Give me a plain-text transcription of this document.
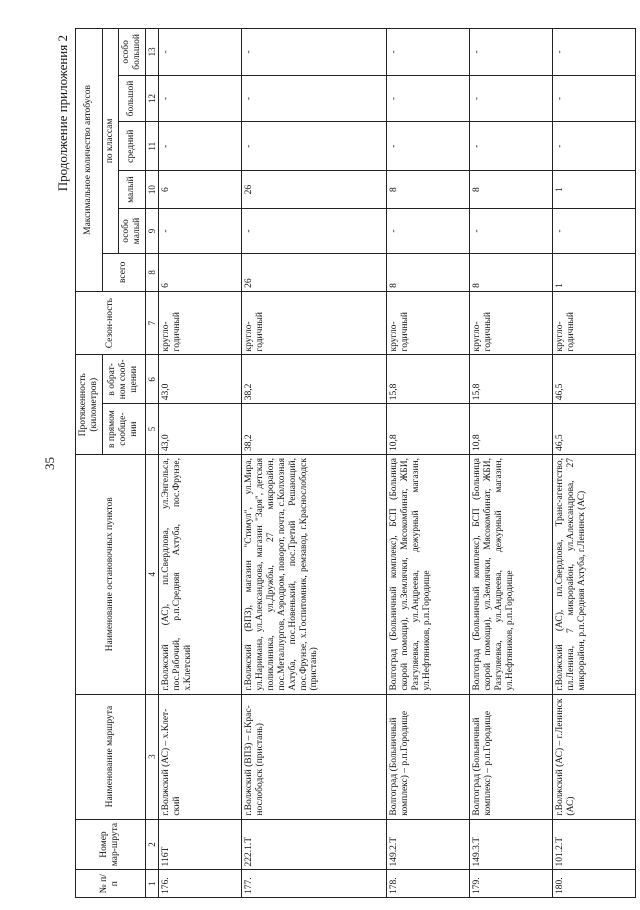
35
Продолжение приложения 2
№ п/п	Номер мар-шрута	Наименование маршрута	Наименование остановочных пунктов	Протяженность (километров)		Сезон-ность	Максимальное количество автобусов					
				в прямом сообще-нии	в обрат-ном сооб-щении		всего	по классам				
								особо малый	малый	средний	большой	особо большой
1	2	3	4	5	6	7	8	9	10	11	12	13
176.	116Т	г.Волжский (АС) – х.Клет-ский	г.Волжский (АС), пл.Свердлова, ул.Энгельса, пос.Рабочий, р.п.Средняя Ахтуба, пос.Фрунзе, х.Клетский	43,0	43,0	кругло-годичный	6	-	6	-	-	-
177.	222.1.Т	г.Волжский (ВПЗ) – г.Крас-нослободск (пристань)	г.Волжский (ВПЗ), магазин "Стимул", ул.Мира, ул.Наримана, ул.Александрова, магазин "Заря", детская поликлиника, ул.Дружбы, 27 микрорайон, пос.Металлургов, Аэродром, поворот, почта, с.Колхозная Ахтуба, пос.Новенький, пос.Третий Решающий, пос.Фрунзе, х.Госпитомник, ремзавод, г.Краснослободск (пристань)	38,2	38,2	кругло-годичный	26	-	26	-	-	-
178.	149.2.Т	Волгоград (Больничный комплекс) – р.п.Городище	Волгоград (Больничный комплекс), БСП (Больница скорой помощи), ул.Землячки, Мясокомбинат, ЖБИ, Разгуляевка, ул.Андреева, дежурный магазин, ул.Нефтяников, р.п.Городище	10,8	15,8	кругло-годичный	8	-	8	-	-	-
179.	149.3.Т	Волгоград (Больничный комплекс) – р.п.Городище	Волгоград (Больничный комплекс), БСП (Больница скорой помощи), ул.Землячки, Мясокомбинат, ЖБИ, Разгуляевка, ул.Андреева, дежурный магазин, ул.Нефтяников, р.п.Городище	10,8	15,8	кругло-годичный	8	-	8	-	-	-
180.	101.2.Т	г.Волжский (АС) – г.Ленинск (АС)	г.Волжский (АС), пл.Свердлова, Транс-агентство, пл.Ленина, 7 микрорайон, ул.Александрова, 27 микрорайон, р.п.Средняя Ахтуба, г.Ленинск (АС)	46,5	46,5	кругло-годичный	1	-	1	-	-	-
